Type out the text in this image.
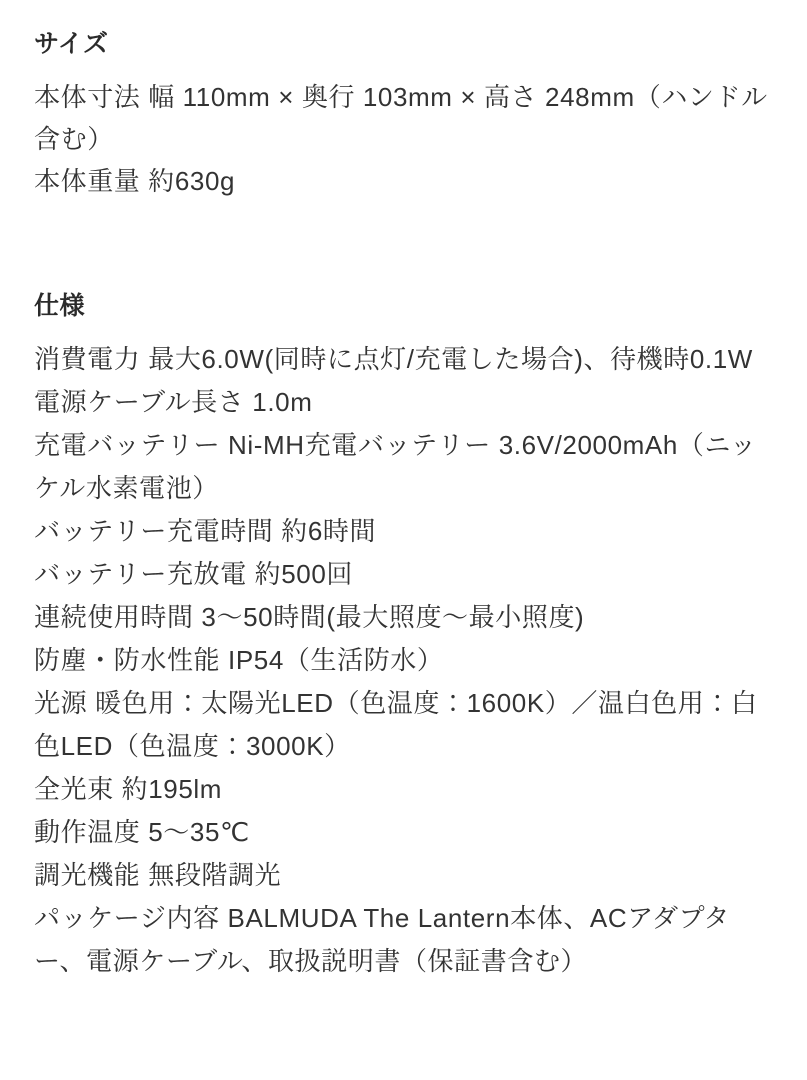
サイズ

本体寸法 幅 110mm × 奥行 103mm × 高さ 248mm（ハンドル含む）

本体重量 約630g

仕様

消費電力 最大6.0W(同時に点灯/充電した場合)、待機時0.1W

電源ケーブル長さ 1.0m

充電バッテリー Ni-MH充電バッテリー 3.6V/2000mAh（ニッケル水素電池）

バッテリー充電時間 約6時間

バッテリー充放電 約500回

連続使用時間 3〜50時間(最大照度〜最小照度)

防塵・防水性能 IP54（生活防水）

光源 暖色用：太陽光LED（色温度：1600K）／温白色用：白色LED（色温度：3000K）

全光束 約195lm

動作温度 5〜35℃

調光機能 無段階調光

パッケージ内容 BALMUDA The Lantern本体、ACアダプター、電源ケーブル、取扱説明書（保証書含む）
